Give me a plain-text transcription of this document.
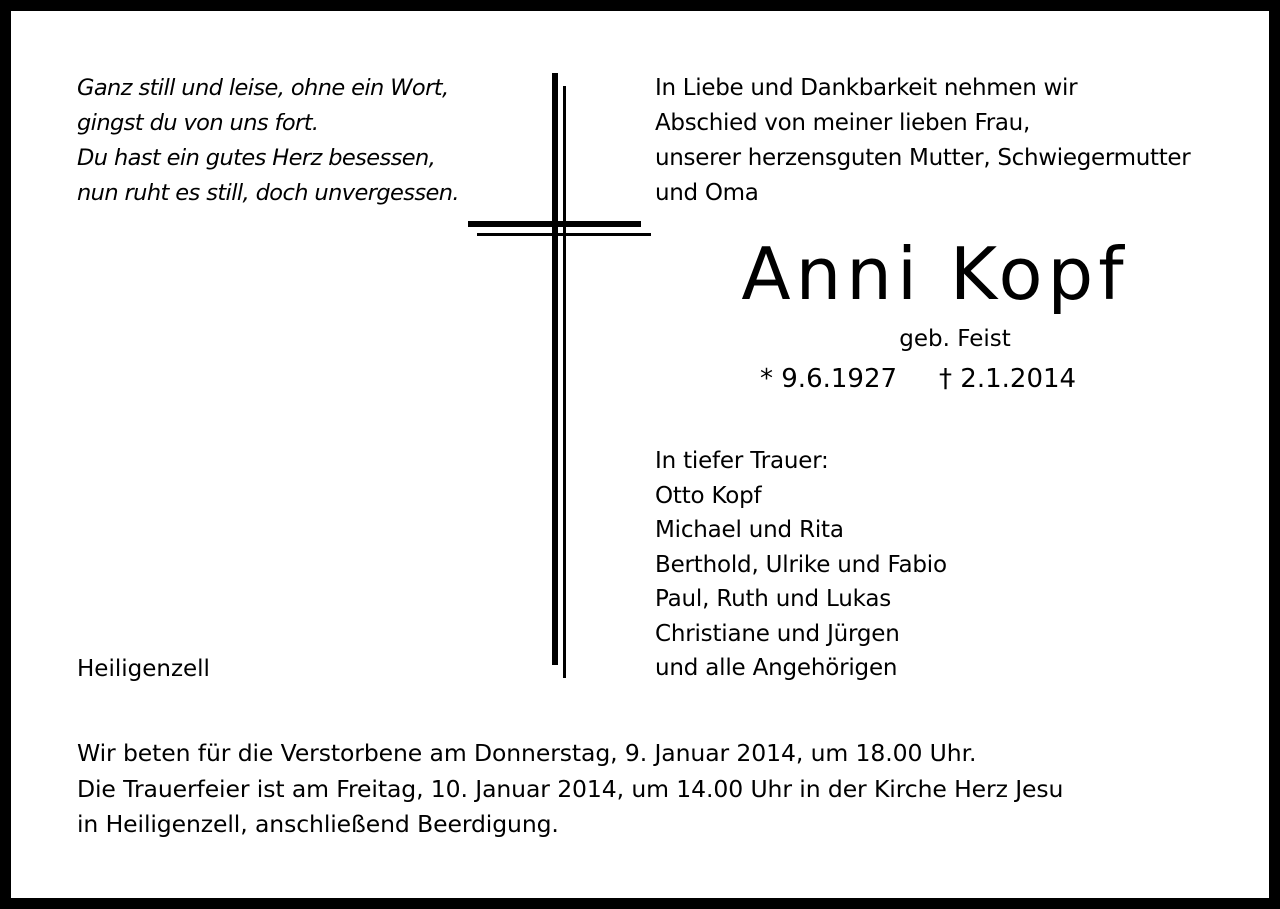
Ganz still und leise, ohne ein Wort,
gingst du von uns fort.
Du hast ein gutes Herz besessen,
nun ruht es still, doch unvergessen.
In Liebe und Dankbarkeit nehmen wir
Abschied von meiner lieben Frau,
unserer herzensguten Mutter, Schwiegermutter
und Oma
Anni Kopf
geb. Feist
* 9.6.1927 † 2.1.2014
In tiefer Trauer:
Otto Kopf
Michael und Rita
Berthold, Ulrike und Fabio
Paul, Ruth und Lukas
Christiane und Jürgen
und alle Angehörigen
Heiligenzell
Wir beten für die Verstorbene am Donnerstag, 9. Januar 2014, um 18.00 Uhr.
Die Trauerfeier ist am Freitag, 10. Januar 2014, um 14.00 Uhr in der Kirche Herz Jesu
in Heiligenzell, anschließend Beerdigung.
